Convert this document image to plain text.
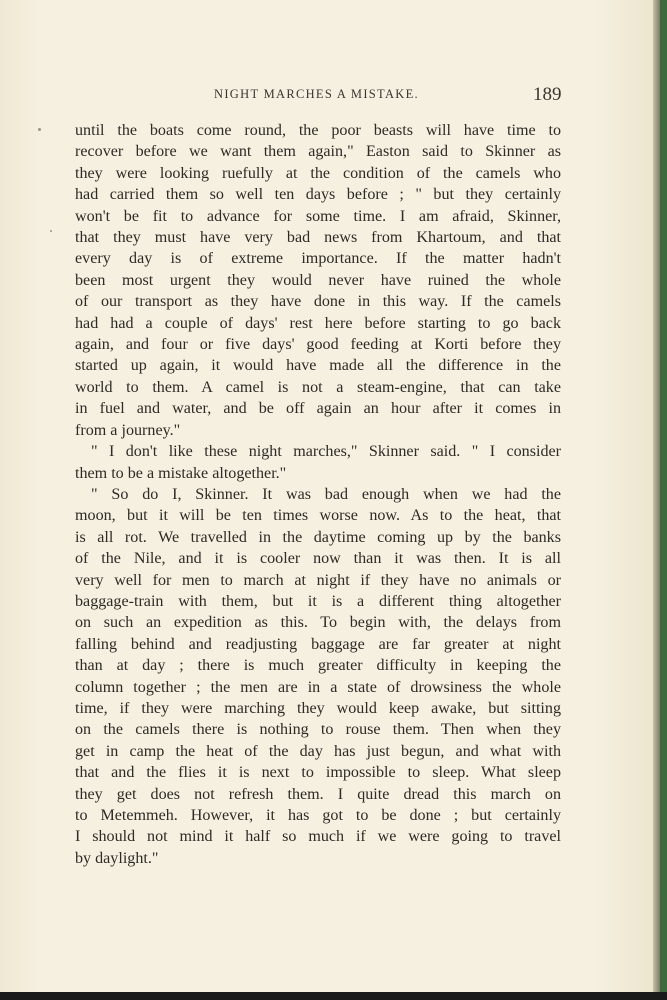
NIGHT MARCHES A MISTAKE.	189
until the boats come round, the poor beasts will have time to
recover before we want them again," Easton said to Skinner as
they were looking ruefully at the condition of the camels who
had carried them so well ten days before ; " but they certainly
won't be fit to advance for some time. I am afraid, Skinner,
that they must have very bad news from Khartoum, and that
every day is of extreme importance. If the matter hadn't
been most urgent they would never have ruined the whole
of our transport as they have done in this way. If the camels
had had a couple of days' rest here before starting to go back
again, and four or five days' good feeding at Korti before they
started up again, it would have made all the difference in the
world to them. A camel is not a steam-engine, that can take
in fuel and water, and be off again an hour after it comes in
from a journey."
" I don't like these night marches," Skinner said. " I consider
them to be a mistake altogether."
" So do I, Skinner. It was bad enough when we had the
moon, but it will be ten times worse now. As to the heat, that
is all rot. We travelled in the daytime coming up by the banks
of the Nile, and it is cooler now than it was then. It is all
very well for men to march at night if they have no animals or
baggage-train with them, but it is a different thing altogether
on such an expedition as this. To begin with, the delays from
falling behind and readjusting baggage are far greater at night
than at day ; there is much greater difficulty in keeping the
column together ; the men are in a state of drowsiness the whole
time, if they were marching they would keep awake, but sitting
on the camels there is nothing to rouse them. Then when they
get in camp the heat of the day has just begun, and what with
that and the flies it is next to impossible to sleep. What sleep
they get does not refresh them. I quite dread this march on
to Metemmeh. However, it has got to be done ; but certainly
I should not mind it half so much if we were going to travel
by daylight."
